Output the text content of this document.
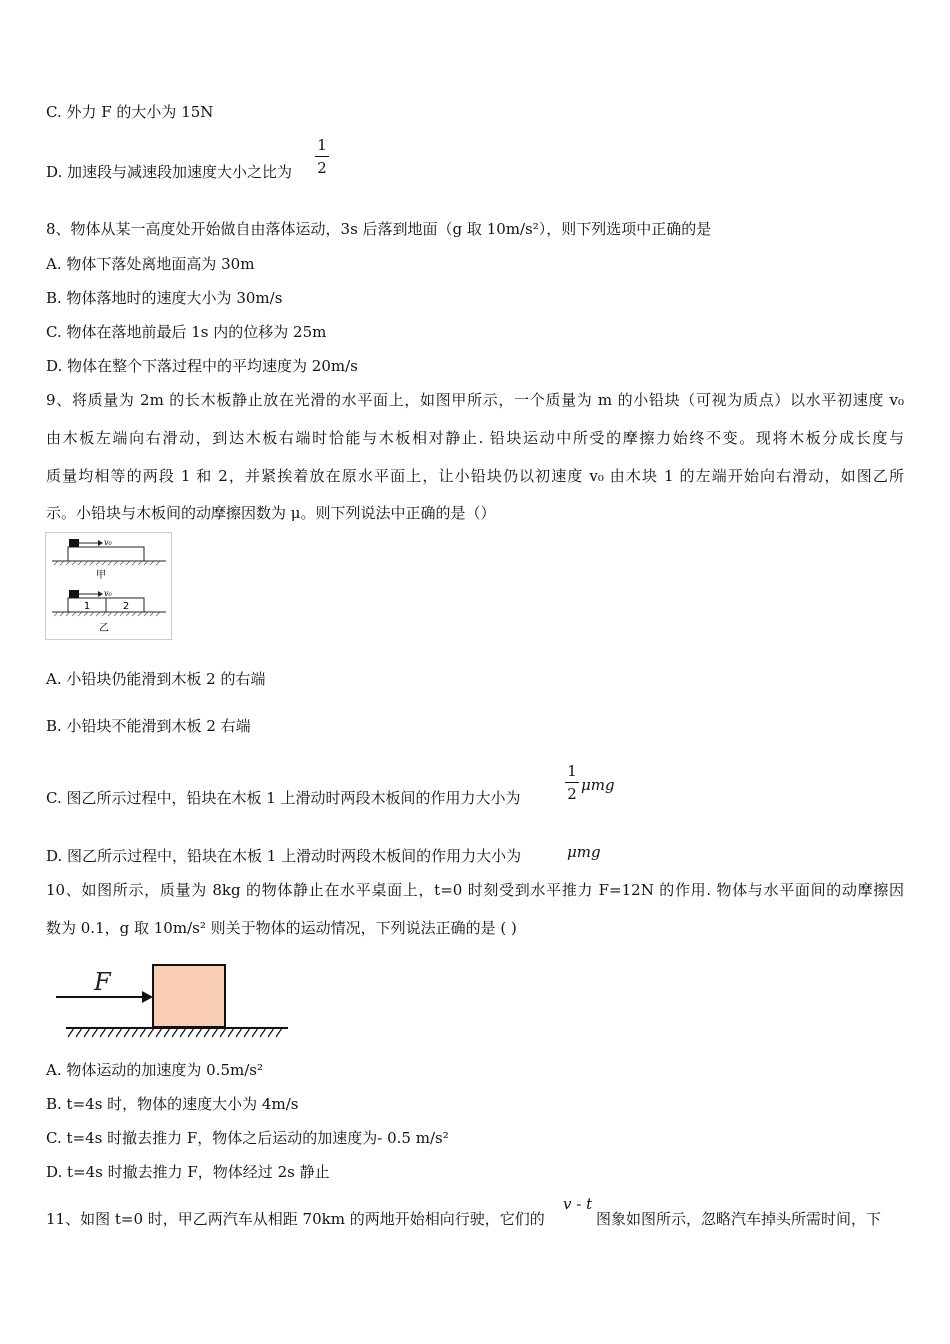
C. 外力 F 的大小为 15N
D. 加速段与减速段加速度大小之比为
1
2
8、物体从某一高度处开始做自由落体运动，3s 后落到地面（g 取 10m/s²），则下列选项中正确的是
A. 物体下落处离地面高为 30m
B. 物体落地时的速度大小为 30m/s
C. 物体在落地前最后 1s 内的位移为 25m
D. 物体在整个下落过程中的平均速度为 20m/s
9、将质量为 2m 的长木板静止放在光滑的水平面上，如图甲所示，一个质量为 m 的小铅块（可视为质点）以水平初速度 v₀
由木板左端向右滑动，到达木板右端时恰能与木板相对静止. 铅块运动中所受的摩擦力始终不变。现将木板分成长度与
质量均相等的两段 1 和 2，并紧挨着放在原水平面上，让小铅块仍以初速度 v₀ 由木块 1 的左端开始向右滑动，如图乙所
示。小铅块与木板间的动摩擦因数为 μ。则下列说法中正确的是（）
v₀
甲
v₀
1	2
乙
A. 小铅块仍能滑到木板 2 的右端
B. 小铅块不能滑到木板 2 右端
C. 图乙所示过程中，铅块在木板 1 上滑动时两段木板间的作用力大小为
1
2 μmg
D. 图乙所示过程中，铅块在木板 1 上滑动时两段木板间的作用力大小为	μmg
10、如图所示，质量为 8kg 的物体静止在水平桌面上，t=0 时刻受到水平推力 F=12N 的作用. 物体与水平面间的动摩擦因
数为 0.1，g 取 10m/s² 则关于物体的运动情况，下列说法正确的是 ( )
F
A. 物体运动的加速度为 0.5m/s²
B. t=4s 时，物体的速度大小为 4m/s
C. t=4s 时撤去推力 F，物体之后运动的加速度为- 0.5 m/s²
D. t=4s 时撤去推力 F，物体经过 2s 静止
11、如图 t=0 时，甲乙两汽车从相距 70km 的两地开始相向行驶，它们的
v - t
图象如图所示，忽略汽车掉头所需时间，下
